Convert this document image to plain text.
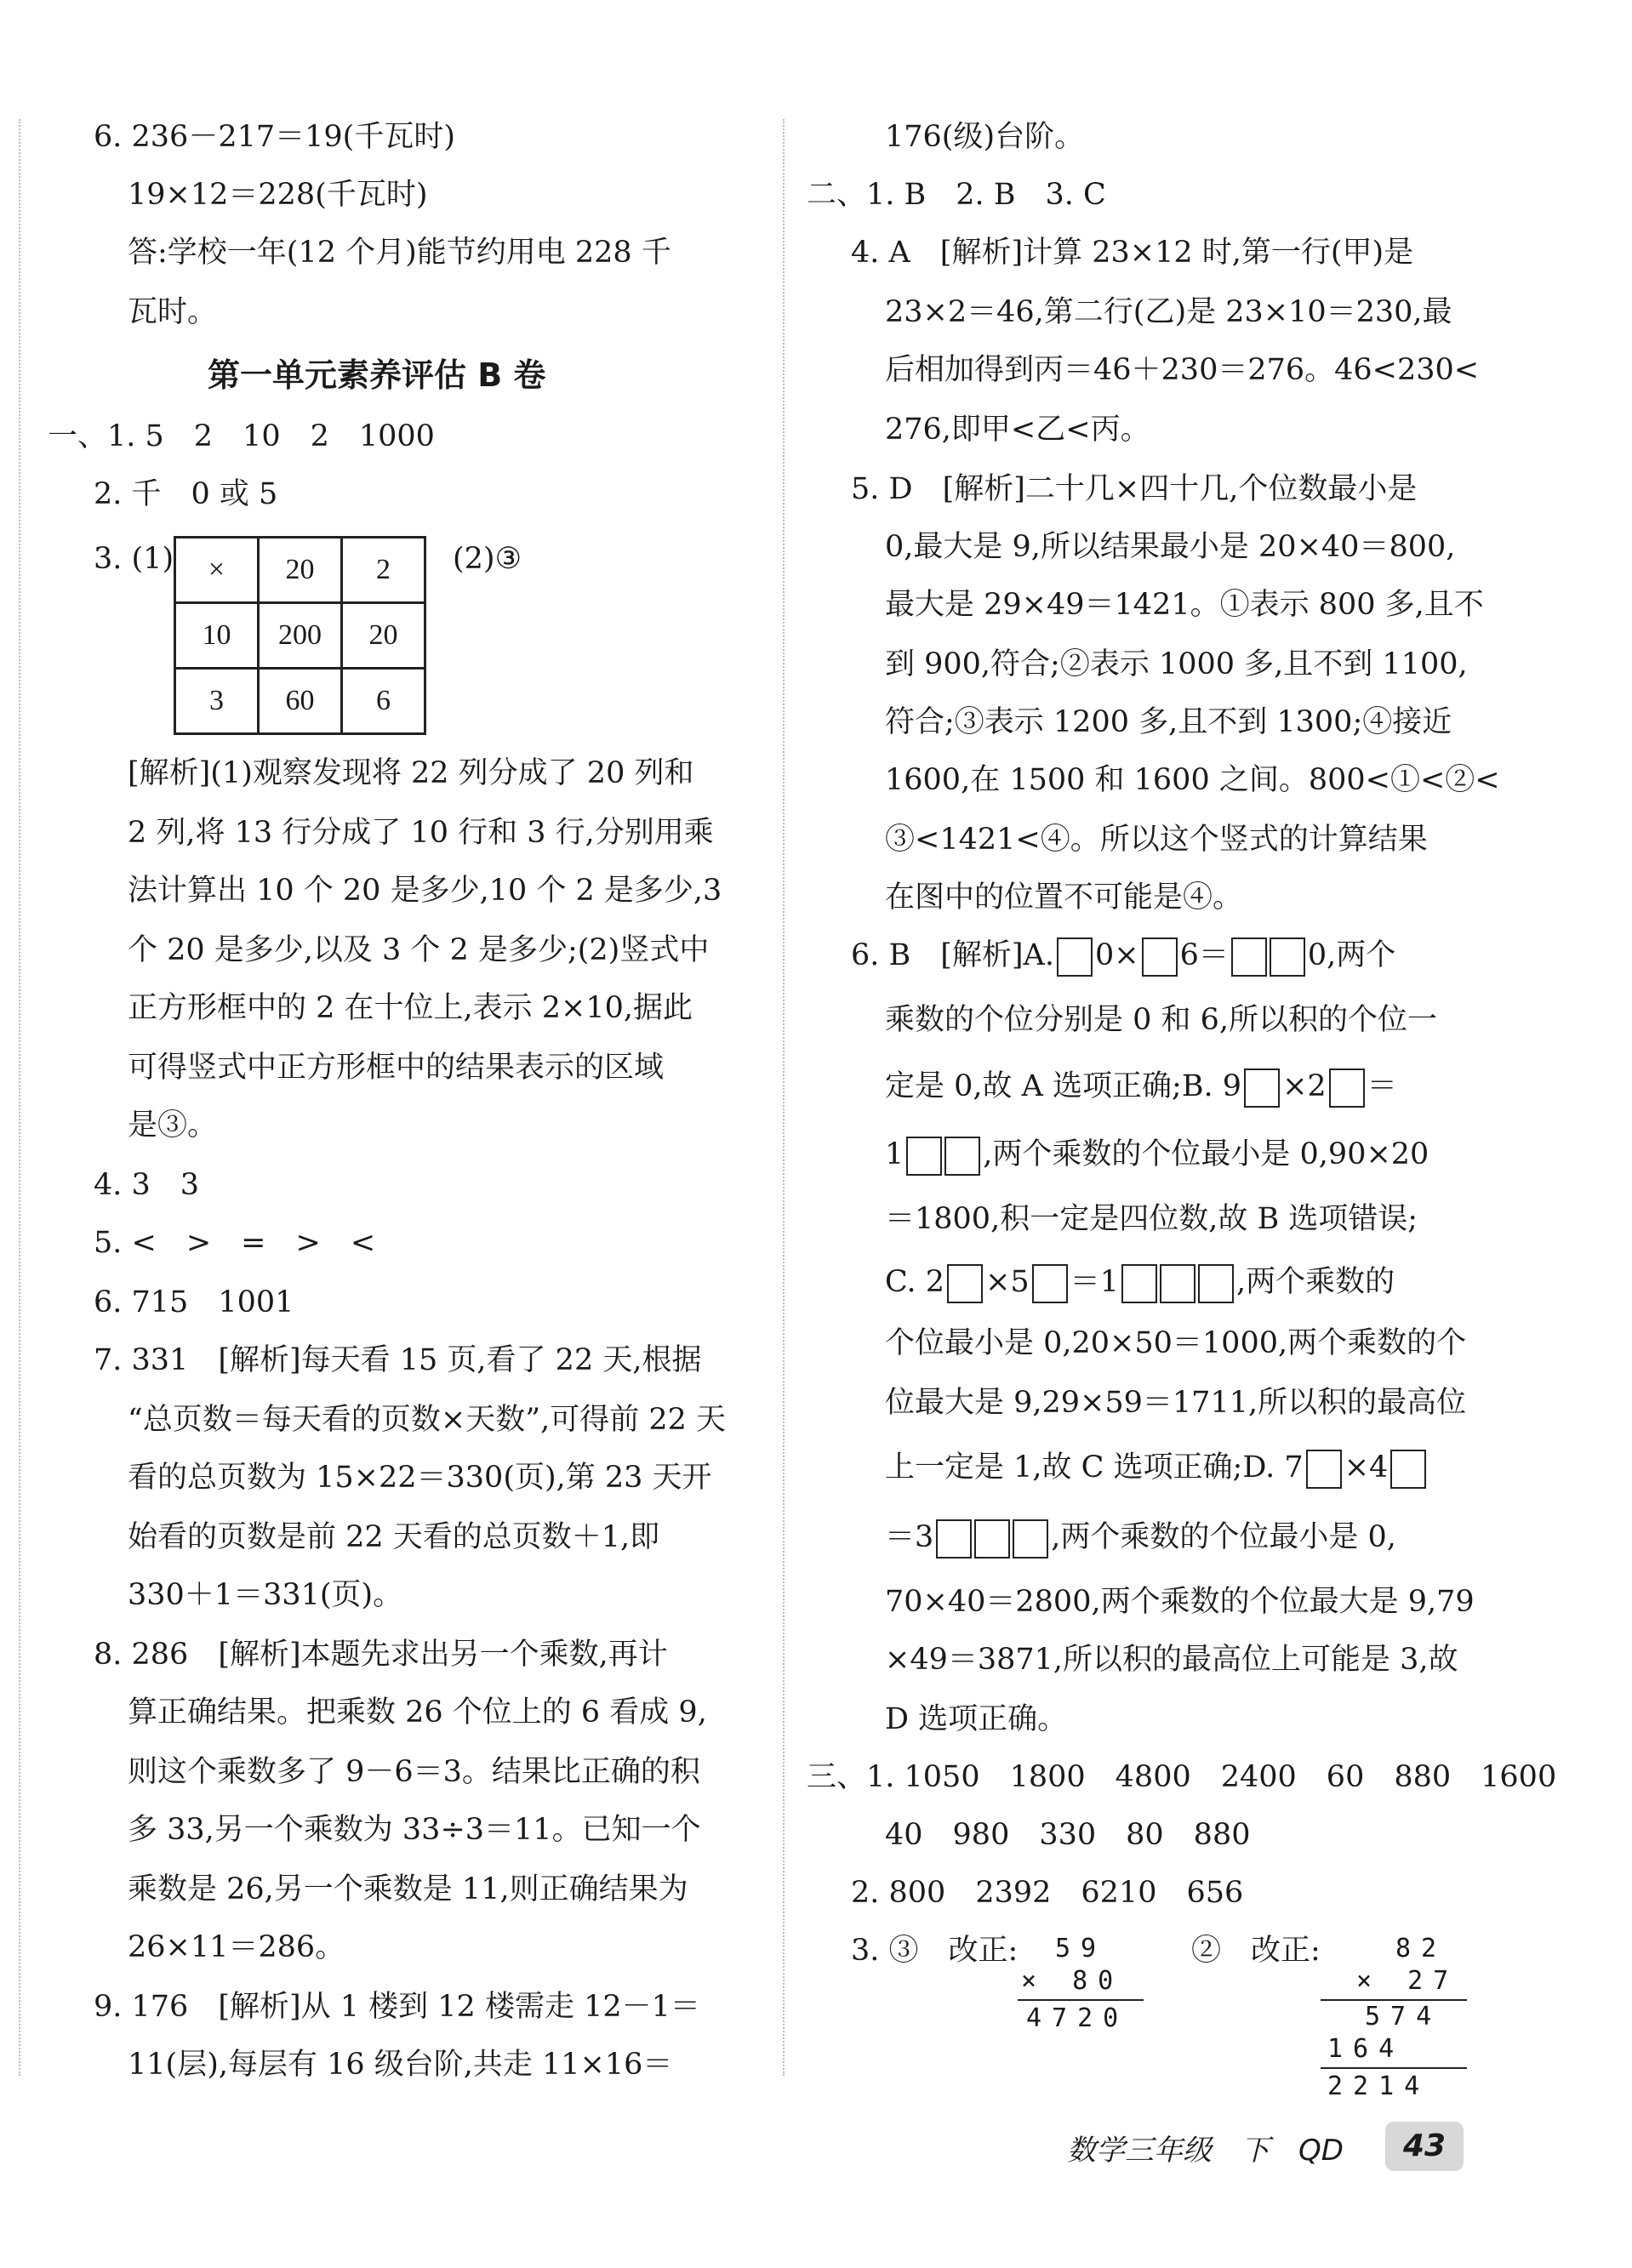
6. 236－217＝19(千瓦时)
19×12＝228(千瓦时)
答:学校一年(12 个月)能节约用电 228 千
瓦时。
第一单元素养评估 B 卷
一、1. 5　2　10　2　1000
2. 千　0 或 5
3. (1) ×	20	2
10	200	20
3	60	6
(2)③
[解析](1)观察发现将 22 列分成了 20 列和
2 列,将 13 行分成了 10 行和 3 行,分别用乘
法计算出 10 个 20 是多少,10 个 2 是多少,3
个 20 是多少,以及 3 个 2 是多少;(2)竖式中
正方形框中的 2 在十位上,表示 2×10,据此
可得竖式中正方形框中的结果表示的区域
是③。
4. 3　3
5. <　>　=　>　<
6. 715　1001
7. 331　[解析]每天看 15 页,看了 22 天,根据
“总页数＝每天看的页数×天数”,可得前 22 天
看的总页数为 15×22＝330(页),第 23 天开
始看的页数是前 22 天看的总页数＋1,即
330＋1＝331(页)。
8. 286　[解析]本题先求出另一个乘数,再计
算正确结果。把乘数 26 个位上的 6 看成 9,
则这个乘数多了 9－6＝3。结果比正确的积
多 33,另一个乘数为 33÷3＝11。已知一个
乘数是 26,另一个乘数是 11,则正确结果为
26×11＝286。
9. 176　[解析]从 1 楼到 12 楼需走 12－1＝
11(层),每层有 16 级台阶,共走 11×16＝
176(级)台阶。
二、1. B　2. B　3. C
4. A　[解析]计算 23×12 时,第一行(甲)是
23×2＝46,第二行(乙)是 23×10＝230,最
后相加得到丙＝46＋230＝276。46<230<
276,即甲<乙<丙。
5. D　[解析]二十几×四十几,个位数最小是
0,最大是 9,所以结果最小是 20×40＝800,
最大是 29×49＝1421。①表示 800 多,且不
到 900,符合;②表示 1000 多,且不到 1100,
符合;③表示 1200 多,且不到 1300;④接近
1600,在 1500 和 1600 之间。800<①<②<
③<1421<④。所以这个竖式的计算结果
在图中的位置不可能是④。
6. B　[解析]A. 0× 6＝	0,两个
乘数的个位分别是 0 和 6,所以积的个位一
定是 0,故 A 选项正确;B. 9 ×2 ＝
1	,两个乘数的个位最小是 0,90×20
＝1800,积一定是四位数,故 B 选项错误;
C. 2 ×5 ＝1	,两个乘数的
个位最小是 0,20×50＝1000,两个乘数的个
位最大是 9,29×59＝1711,所以积的最高位
上一定是 1,故 C 选项正确;D. 7 ×4
＝3	,两个乘数的个位最小是 0,
70×40＝2800,两个乘数的个位最大是 9,79
×49＝3871,所以积的最高位上可能是 3,故
D 选项正确。
三、1. 1050　1800　4800　2400　60　880　1600
40　980　330　80　880
2. 800　2392　6210　656
3. ③　改正:	②　改正:
59
× 80
4720
82
× 27
574
164
2214
数学三年级　下　QD	43
